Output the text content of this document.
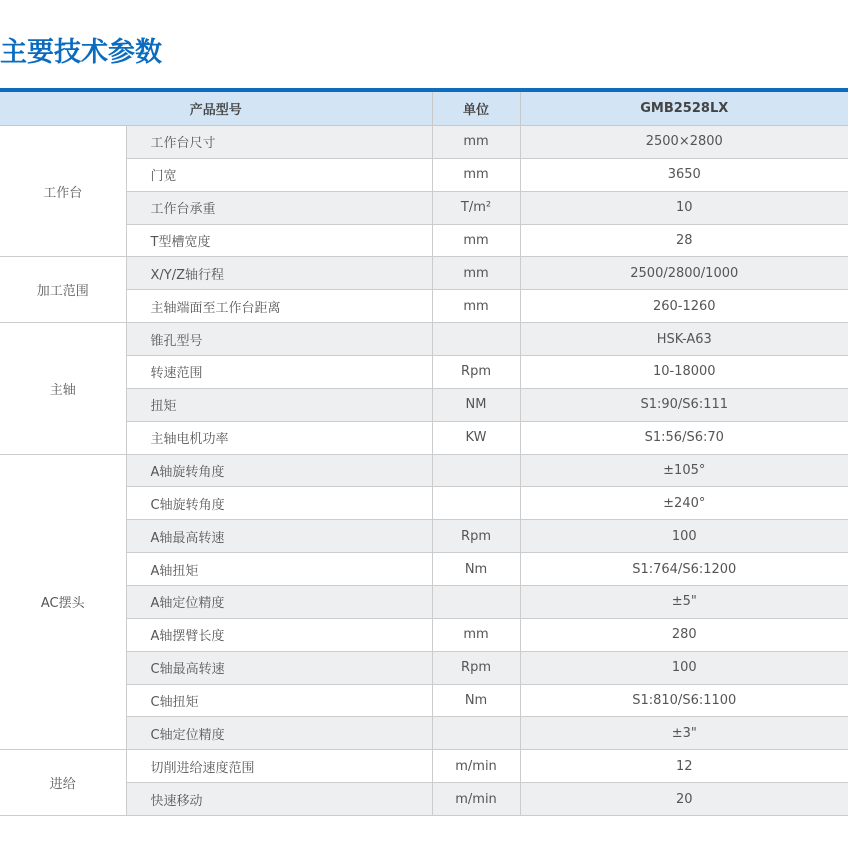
主要技术参数
产品型号		单位	GMB2528LX
工作台	工作台尺寸	mm	2500×2800
	门宽	mm	3650
	工作台承重	T/m²	10
	T型槽宽度	mm	28
加工范围	X/Y/Z轴行程	mm	2500/2800/1000
	主轴端面至工作台距离	mm	260-1260
主轴	锥孔型号		HSK-A63
	转速范围	Rpm	10-18000
	扭矩	NM	S1:90/S6:111
	主轴电机功率	KW	S1:56/S6:70
AC摆头	A轴旋转角度		±105°
	C轴旋转角度		±240°
	A轴最高转速	Rpm	100
	A轴扭矩	Nm	S1:764/S6:1200
	A轴定位精度		±5"
	A轴摆臂长度	mm	280
	C轴最高转速	Rpm	100
	C轴扭矩	Nm	S1:810/S6:1100
	C轴定位精度		±3"
进给	切削进给速度范围	m/min	12
	快速移动	m/min	20
